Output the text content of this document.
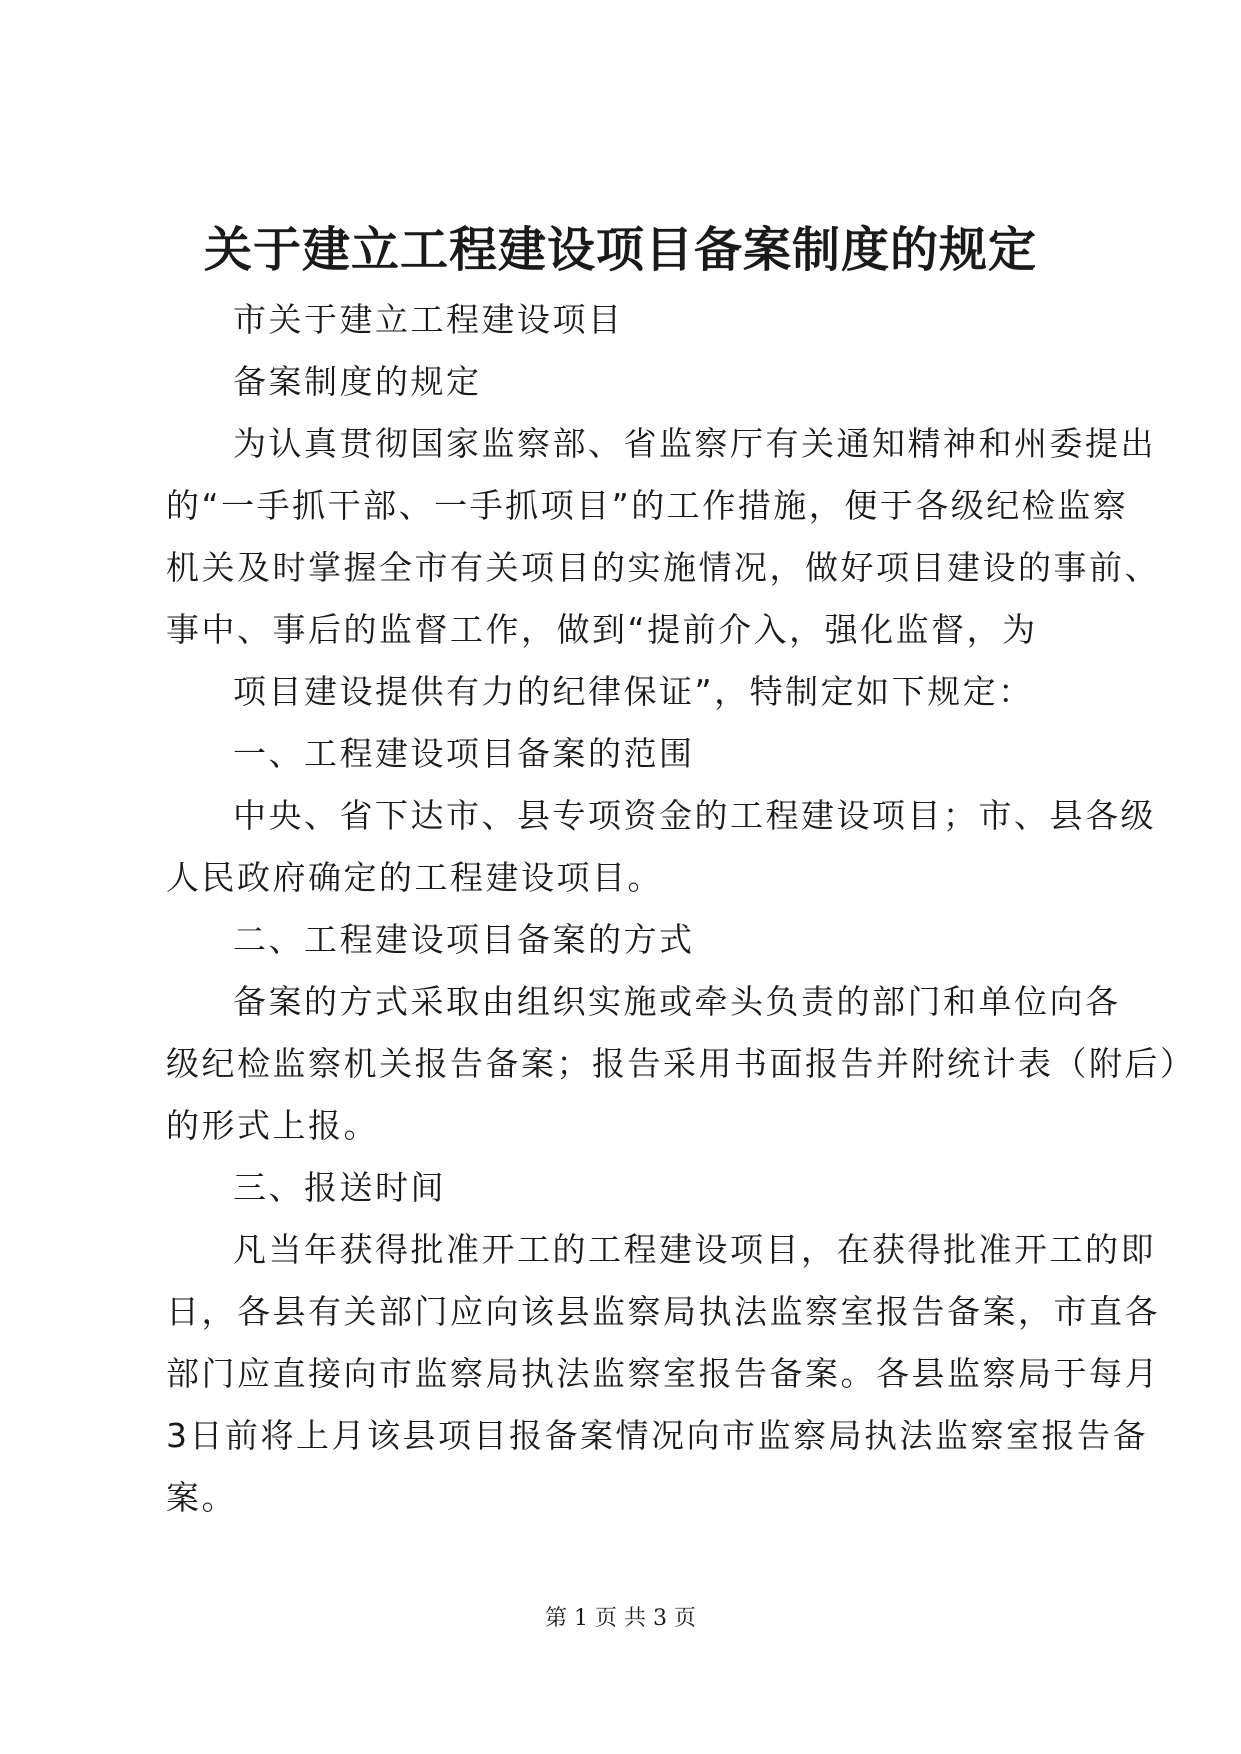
关于建立工程建设项目备案制度的规定
市关于建立工程建设项目
备案制度的规定
为认真贯彻国家监察部、省监察厅有关通知精神和州委提出
的“一手抓干部、一手抓项目”的工作措施，便于各级纪检监察
机关及时掌握全市有关项目的实施情况，做好项目建设的事前、
事中、事后的监督工作，做到“提前介入，强化监督，为
项目建设提供有力的纪律保证”，特制定如下规定：
一、工程建设项目备案的范围
中央、省下达市、县专项资金的工程建设项目；市、县各级
人民政府确定的工程建设项目。
二、工程建设项目备案的方式
备案的方式采取由组织实施或牵头负责的部门和单位向各
级纪检监察机关报告备案；报告采用书面报告并附统计表（附后）
的形式上报。
三、报送时间
凡当年获得批准开工的工程建设项目，在获得批准开工的即
日，各县有关部门应向该县监察局执法监察室报告备案，市直各
部门应直接向市监察局执法监察室报告备案。各县监察局于每月
3日前将上月该县项目报备案情况向市监察局执法监察室报告备
案。
第 1 页 共 3 页
